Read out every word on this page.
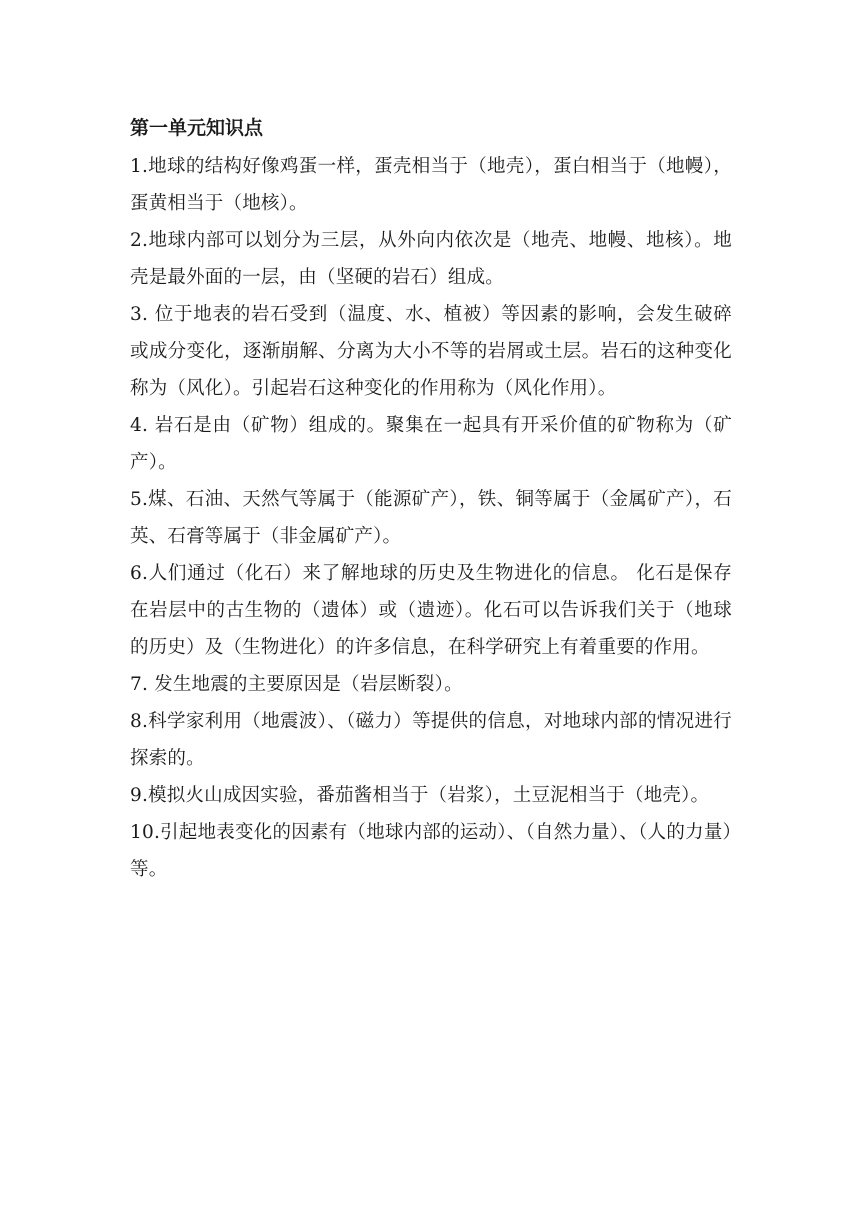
第一单元知识点

1.地球的结构好像鸡蛋一样，蛋壳相当于（地壳），蛋白相当于（地幔），蛋黄相当于（地核）。

2.地球内部可以划分为三层，从外向内依次是（地壳、地幔、地核）。地壳是最外面的一层，由（坚硬的岩石）组成。

3. 位于地表的岩石受到（温度、水、植被）等因素的影响，会发生破碎或成分变化，逐渐崩解、分离为大小不等的岩屑或土层。岩石的这种变化称为（风化）。引起岩石这种变化的作用称为（风化作用）。

4. 岩石是由（矿物）组成的。聚集在一起具有开采价值的矿物称为（矿产）。

5.煤、石油、天然气等属于（能源矿产），铁、铜等属于（金属矿产），石英、石膏等属于（非金属矿产）。

6.人们通过（化石）来了解地球的历史及生物进化的信息。 化石是保存在岩层中的古生物的（遗体）或（遗迹）。化石可以告诉我们关于（地球的历史）及（生物进化）的许多信息，在科学研究上有着重要的作用。

7. 发生地震的主要原因是（岩层断裂）。

8.科学家利用（地震波）、（磁力）等提供的信息，对地球内部的情况进行探索的。

9.模拟火山成因实验，番茄酱相当于（岩浆），土豆泥相当于（地壳）。

10.引起地表变化的因素有（地球内部的运动）、（自然力量）、（人的力量）等。
